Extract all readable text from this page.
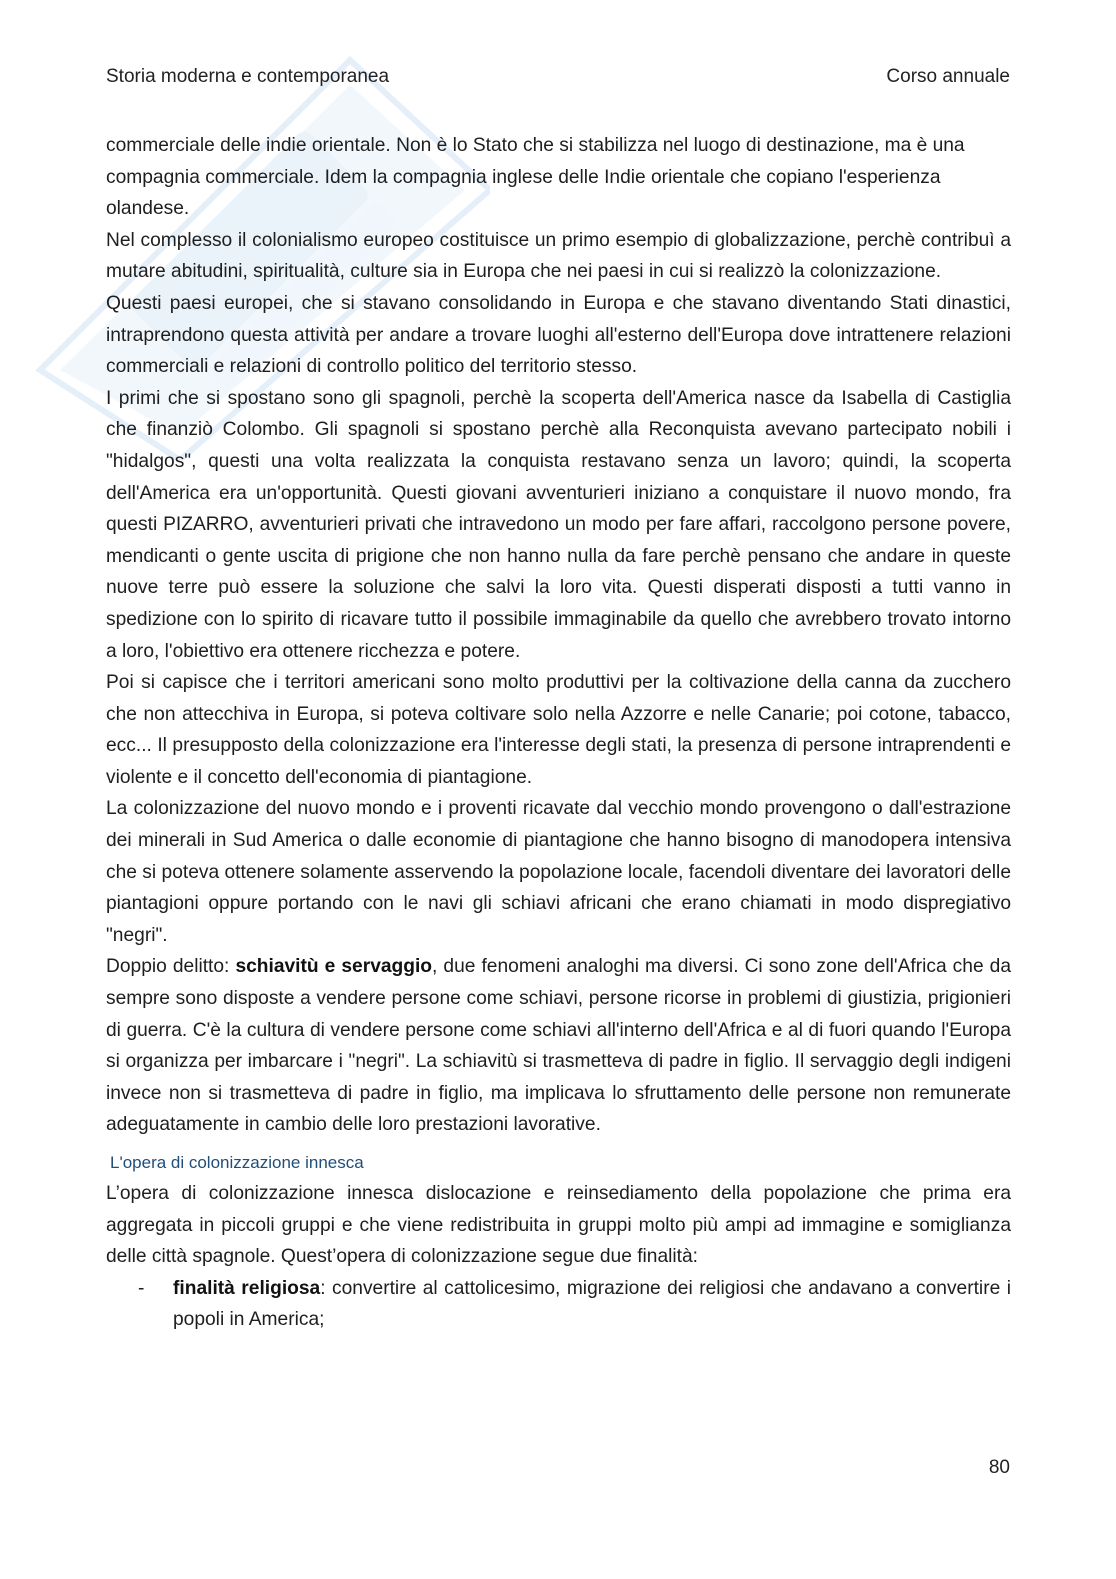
Storia moderna e contemporanea	Corso annuale

commerciale delle indie orientale. Non è lo Stato che si stabilizza nel luogo di destinazione, ma è una compagnia commerciale. Idem la compagnia inglese delle Indie orientale che copiano l'esperienza olandese.

Nel complesso il colonialismo europeo costituisce un primo esempio di globalizzazione, perchè contribuì a mutare abitudini, spiritualità, culture sia in Europa che nei paesi in cui si realizzò la colonizzazione.

Questi paesi europei, che si stavano consolidando in Europa e che stavano diventando Stati dinastici, intraprendono questa attività per andare a trovare luoghi all'esterno dell'Europa dove intrattenere relazioni commerciali e relazioni di controllo politico del territorio stesso.

I primi che si spostano sono gli spagnoli, perchè la scoperta dell'America nasce da Isabella di Castiglia che finanziò Colombo. Gli spagnoli si spostano perchè alla Reconquista avevano partecipato nobili i "hidalgos", questi una volta realizzata la conquista restavano senza un lavoro; quindi, la scoperta dell'America era un'opportunità. Questi giovani avventurieri iniziano a conquistare il nuovo mondo, fra questi PIZARRO, avventurieri privati che intravedono un modo per fare affari, raccolgono persone povere, mendicanti o gente uscita di prigione che non hanno nulla da fare perchè pensano che andare in queste nuove terre può essere la soluzione che salvi la loro vita. Questi disperati disposti a tutti vanno in spedizione con lo spirito di ricavare tutto il possibile immaginabile da quello che avrebbero trovato intorno a loro, l'obiettivo era ottenere ricchezza e potere.

Poi si capisce che i territori americani sono molto produttivi per la coltivazione della canna da zucchero che non attecchiva in Europa, si poteva coltivare solo nella Azzorre e nelle Canarie; poi cotone, tabacco, ecc... Il presupposto della colonizzazione era l'interesse degli stati, la presenza di persone intraprendenti e violente e il concetto dell'economia di piantagione.

La colonizzazione del nuovo mondo e i proventi ricavate dal vecchio mondo provengono o dall'estrazione dei minerali in Sud America o dalle economie di piantagione che hanno bisogno di manodopera intensiva che si poteva ottenere solamente asservendo la popolazione locale, facendoli diventare dei lavoratori delle piantagioni oppure portando con le navi gli schiavi africani che erano chiamati in modo dispregiativo "negri".

Doppio delitto: schiavitù e servaggio, due fenomeni analoghi ma diversi. Ci sono zone dell'Africa che da sempre sono disposte a vendere persone come schiavi, persone ricorse in problemi di giustizia, prigionieri di guerra. C'è la cultura di vendere persone come schiavi all'interno dell'Africa e al di fuori quando l'Europa si organizza per imbarcare i "negri". La schiavitù si trasmetteva di padre in figlio. Il servaggio degli indigeni invece non si trasmetteva di padre in figlio, ma implicava lo sfruttamento delle persone non remunerate adeguatamente in cambio delle loro prestazioni lavorative.

L'opera di colonizzazione innesca

L’opera di colonizzazione innesca dislocazione e reinsediamento della popolazione che prima era aggregata in piccoli gruppi e che viene redistribuita in gruppi molto più ampi ad immagine e somiglianza delle città spagnole. Quest’opera di colonizzazione segue due finalità:

-	finalità religiosa: convertire al cattolicesimo, migrazione dei religiosi che andavano a convertire i popoli in America;
80
